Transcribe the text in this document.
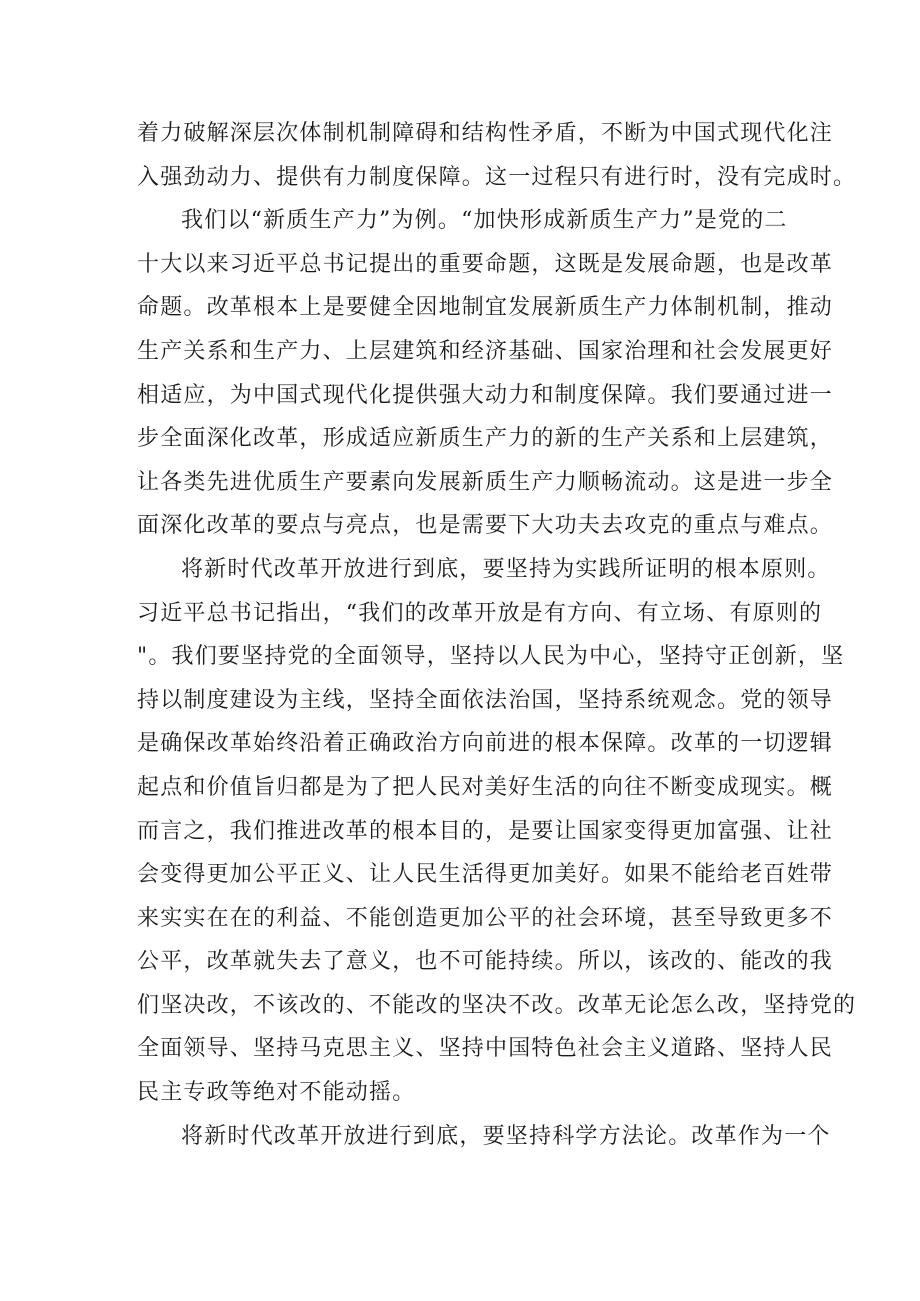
着力破解深层次体制机制障碍和结构性矛盾，不断为中国式现代化注
入强劲动力、提供有力制度保障。这一过程只有进行时，没有完成时。
我们以“新质生产力”为例。“加快形成新质生产力”是党的二
十大以来习近平总书记提出的重要命题，这既是发展命题，也是改革
命题。改革根本上是要健全因地制宜发展新质生产力体制机制，推动
生产关系和生产力、上层建筑和经济基础、国家治理和社会发展更好
相适应，为中国式现代化提供强大动力和制度保障。我们要通过进一
步全面深化改革，形成适应新质生产力的新的生产关系和上层建筑，
让各类先进优质生产要素向发展新质生产力顺畅流动。这是进一步全
面深化改革的要点与亮点，也是需要下大功夫去攻克的重点与难点。
将新时代改革开放进行到底，要坚持为实践所证明的根本原则。
习近平总书记指出，“我们的改革开放是有方向、有立场、有原则的
"。我们要坚持党的全面领导，坚持以人民为中心，坚持守正创新，坚
持以制度建设为主线，坚持全面依法治国，坚持系统观念。党的领导
是确保改革始终沿着正确政治方向前进的根本保障。改革的一切逻辑
起点和价值旨归都是为了把人民对美好生活的向往不断变成现实。概
而言之，我们推进改革的根本目的，是要让国家变得更加富强、让社
会变得更加公平正义、让人民生活得更加美好。如果不能给老百姓带
来实实在在的利益、不能创造更加公平的社会环境，甚至导致更多不
公平，改革就失去了意义，也不可能持续。所以，该改的、能改的我
们坚决改，不该改的、不能改的坚决不改。改革无论怎么改，坚持党的
全面领导、坚持马克思主义、坚持中国特色社会主义道路、坚持人民
民主专政等绝对不能动摇。
将新时代改革开放进行到底，要坚持科学方法论。改革作为一个
